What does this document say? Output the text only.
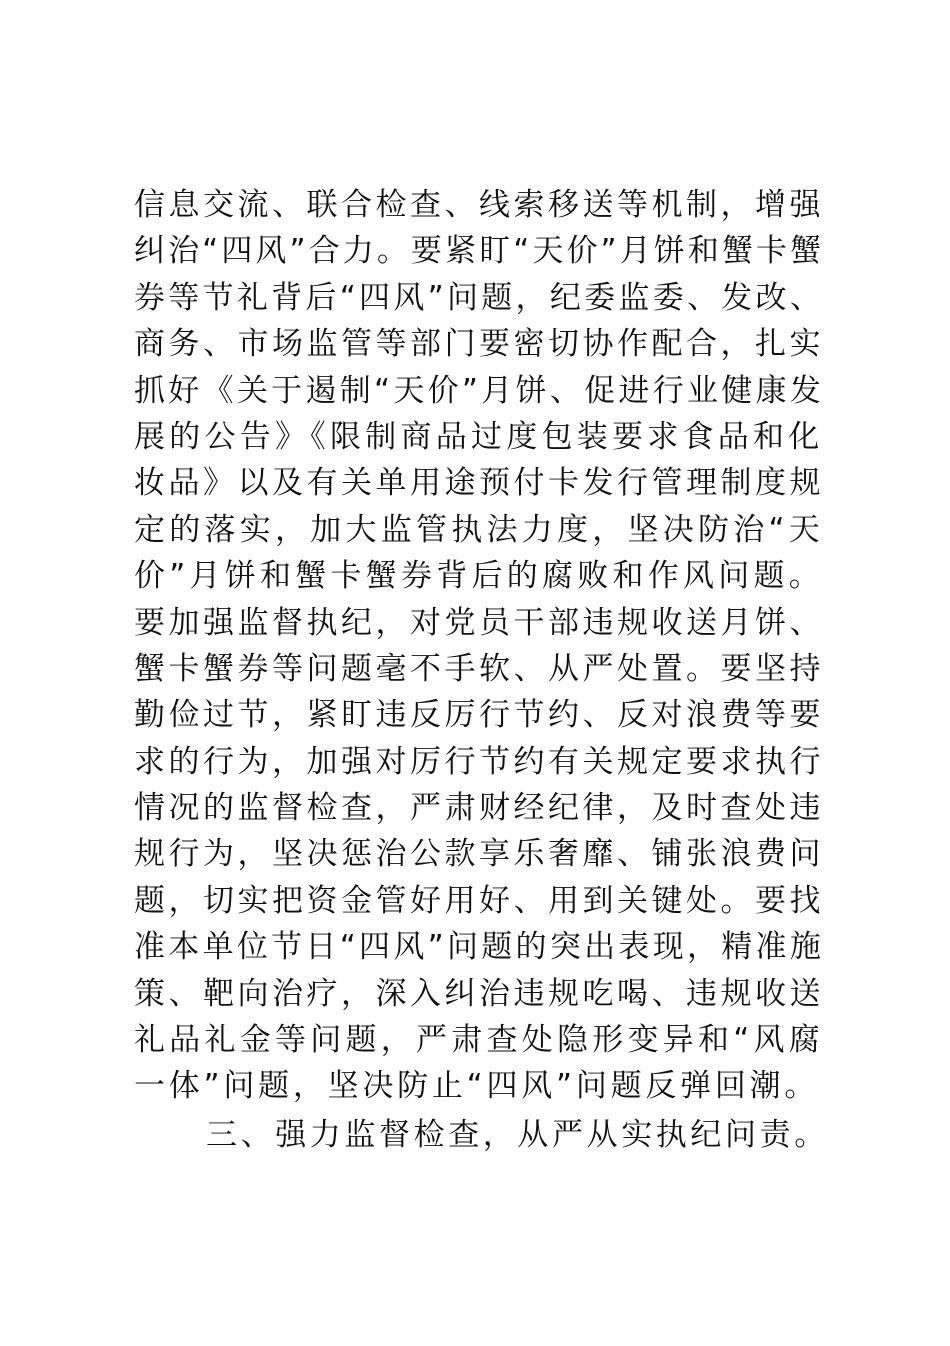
信息交流、联合检查、线索移送等机制，增强
纠治“四风”合力。要紧盯“天价”月饼和蟹卡蟹
券等节礼背后“四风”问题，纪委监委、发改、
商务、市场监管等部门要密切协作配合，扎实
抓好《关于遏制“天价”月饼、促进行业健康发
展的公告》《限制商品过度包装要求食品和化
妆品》以及有关单用途预付卡发行管理制度规
定的落实，加大监管执法力度，坚决防治“天
价”月饼和蟹卡蟹券背后的腐败和作风问题。
要加强监督执纪，对党员干部违规收送月饼、
蟹卡蟹券等问题毫不手软、从严处置。要坚持
勤俭过节，紧盯违反厉行节约、反对浪费等要
求的行为，加强对厉行节约有关规定要求执行
情况的监督检查，严肃财经纪律，及时查处违
规行为，坚决惩治公款享乐奢靡、铺张浪费问
题，切实把资金管好用好、用到关键处。要找
准本单位节日“四风”问题的突出表现，精准施
策、靶向治疗，深入纠治违规吃喝、违规收送
礼品礼金等问题，严肃查处隐形变异和“风腐
一体”问题，坚决防止“四风”问题反弹回潮。
三、强力监督检查，从严从实执纪问责。
